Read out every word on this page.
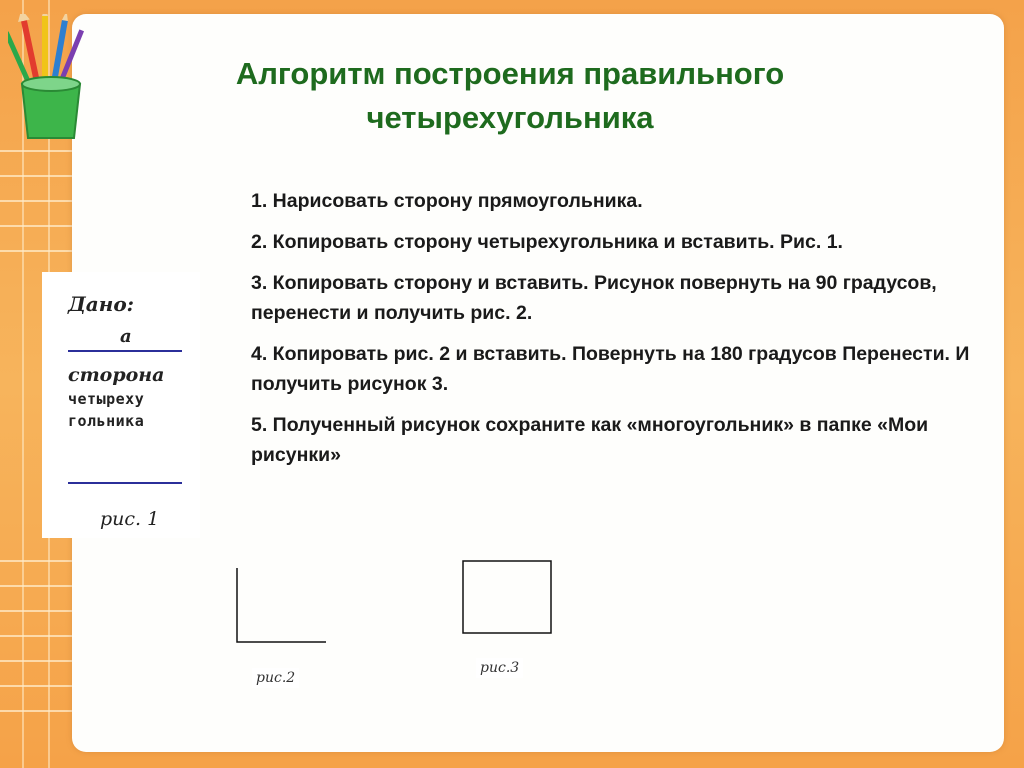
Алгоритм построения правильного
четырехугольника
1. Нарисовать сторону прямоугольника.
2. Копировать сторону четырехугольника и вставить. Рис. 1.
3. Копировать сторону и вставить. Рисунок повернуть на 90 градусов, перенести и получить рис. 2.
4. Копировать рис. 2 и вставить. Повернуть на 180 градусов Перенести. И получить рисунок 3.
5. Полученный рисунок сохраните как «многоугольник» в папке «Мои рисунки»
Дано:
а
сторона
четыреху
гольника
рис. 1
рис.2
рис.3
